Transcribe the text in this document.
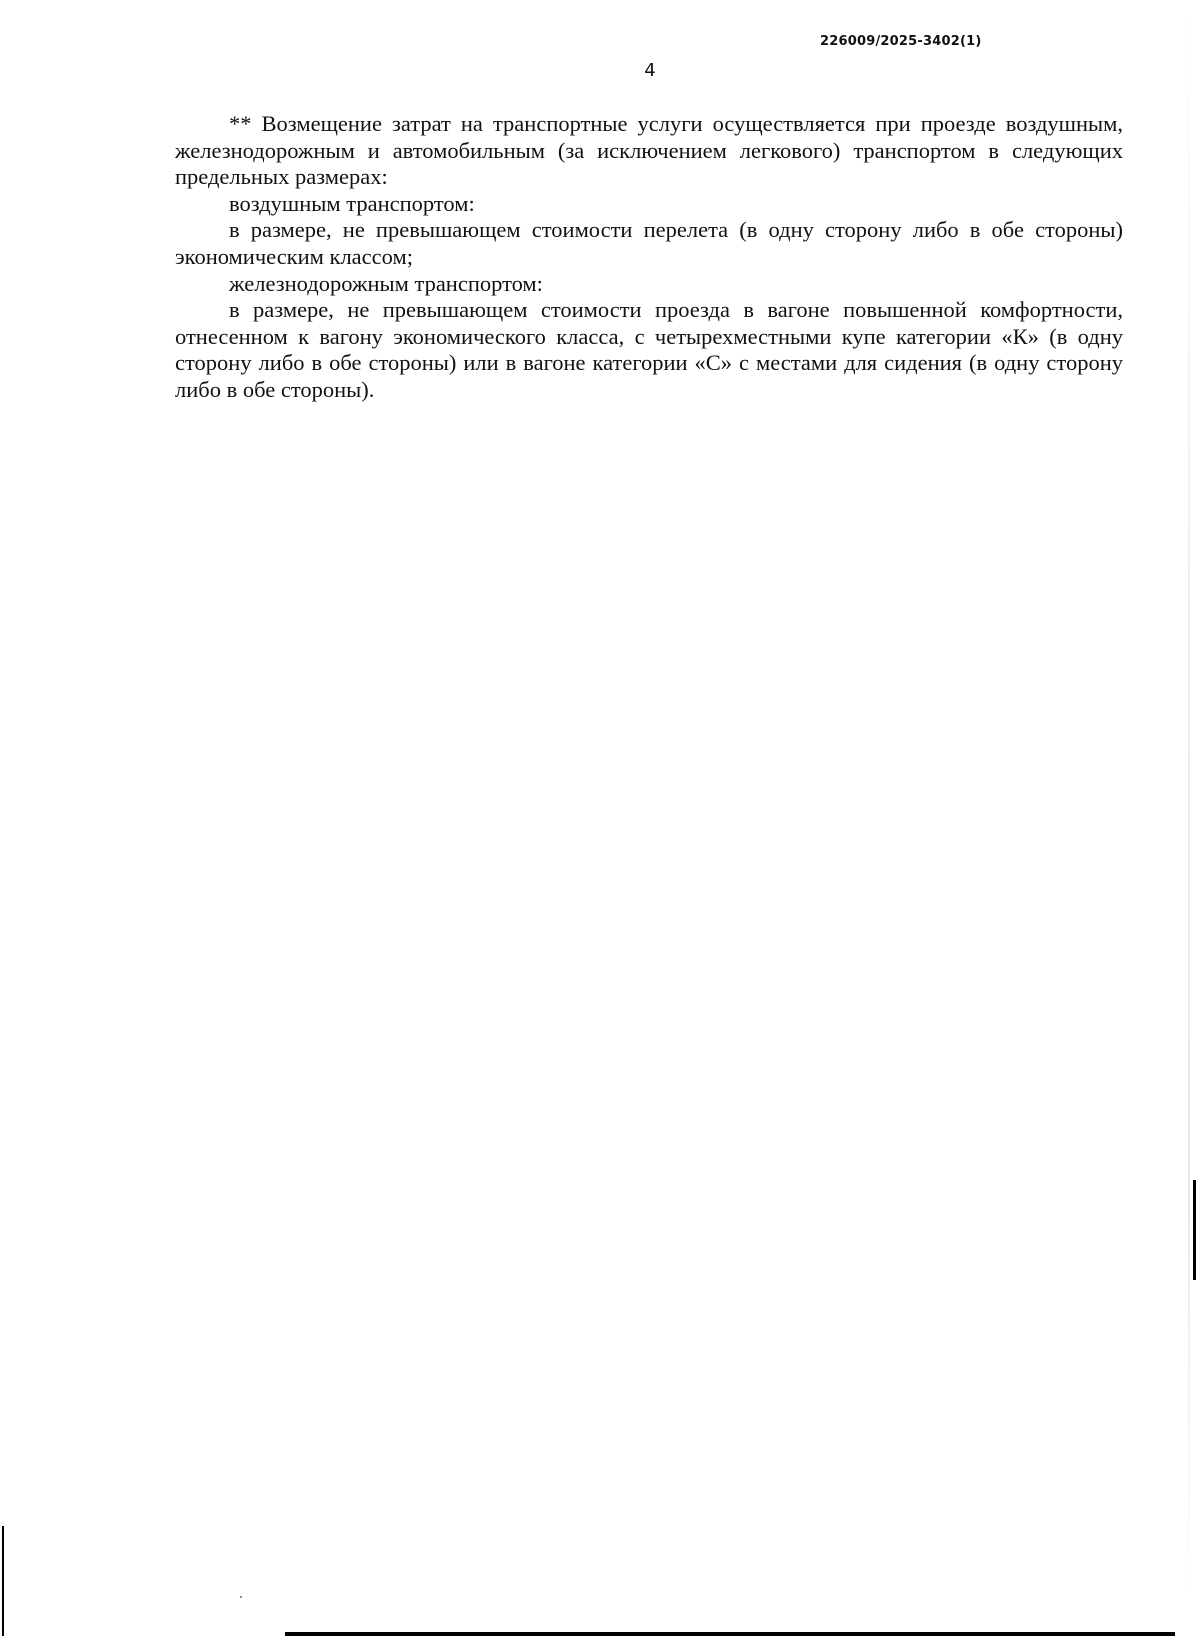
226009/2025-3402(1)
4

** Возмещение затрат на транспортные услуги осуществляется при проезде воздушным, железнодорожным и автомобильным (за исключением легкового) транспортом в следующих предельных размерах:

воздушным транспортом:

в размере, не превышающем стоимости перелета (в одну сторону либо в обе стороны) экономическим классом;

железнодорожным транспортом:

в размере, не превышающем стоимости проезда в вагоне повышенной комфортности, отнесенном к вагону экономического класса, с четырехместными купе категории «К» (в одну сторону либо в обе стороны) или в вагоне категории «С» с местами для сидения (в одну сторону либо в обе стороны).
